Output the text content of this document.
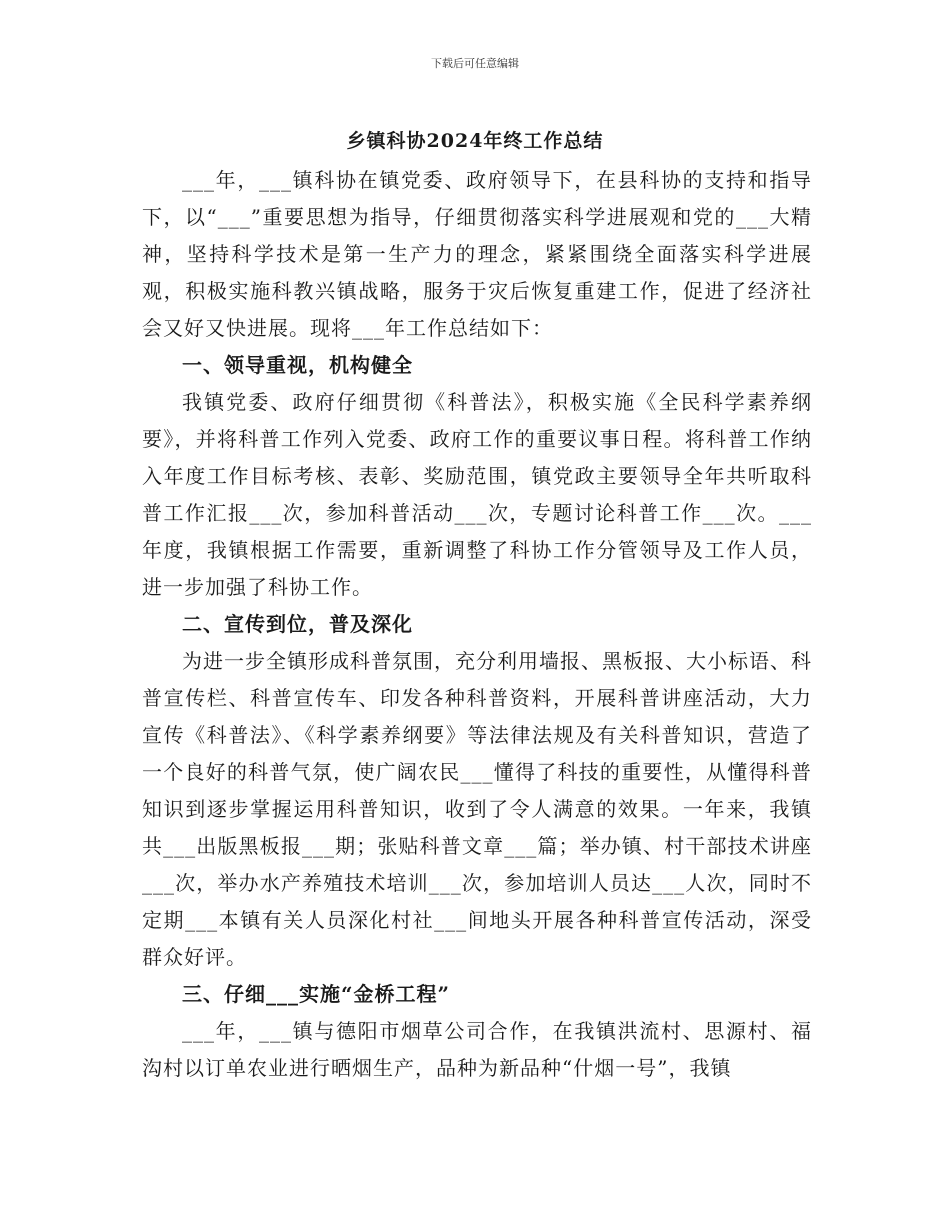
下载后可任意编辑
乡镇科协2024年终工作总结

___年，___镇科协在镇党委、政府领导下，在县科协的支持和指导下，以“___”重要思想为指导，仔细贯彻落实科学进展观和党的___大精神，坚持科学技术是第一生产力的理念，紧紧围绕全面落实科学进展观，积极实施科教兴镇战略，服务于灾后恢复重建工作，促进了经济社会又好又快进展。现将___年工作总结如下：

一、领导重视，机构健全

我镇党委、政府仔细贯彻《科普法》，积极实施《全民科学素养纲要》，并将科普工作列入党委、政府工作的重要议事日程。将科普工作纳入年度工作目标考核、表彰、奖励范围，镇党政主要领导全年共听取科普工作汇报___次，参加科普活动___次，专题讨论科普工作___次。___年度，我镇根据工作需要，重新调整了科协工作分管领导及工作人员，进一步加强了科协工作。

二、宣传到位，普及深化

为进一步全镇形成科普氛围，充分利用墙报、黑板报、大小标语、科普宣传栏、科普宣传车、印发各种科普资料，开展科普讲座活动，大力宣传《科普法》、《科学素养纲要》等法律法规及有关科普知识，营造了一个良好的科普气氛，使广阔农民___懂得了科技的重要性，从懂得科普知识到逐步掌握运用科普知识，收到了令人满意的效果。一年来，我镇共___出版黑板报___期；张贴科普文章___篇；举办镇、村干部技术讲座___次，举办水产养殖技术培训___次，参加培训人员达___人次，同时不定期___本镇有关人员深化村社___间地头开展各种科普宣传活动，深受群众好评。

三、仔细___实施“金桥工程”

___年，___镇与德阳市烟草公司合作，在我镇洪流村、思源村、福沟村以订单农业进行晒烟生产，品种为新品种“什烟一号”，我镇
